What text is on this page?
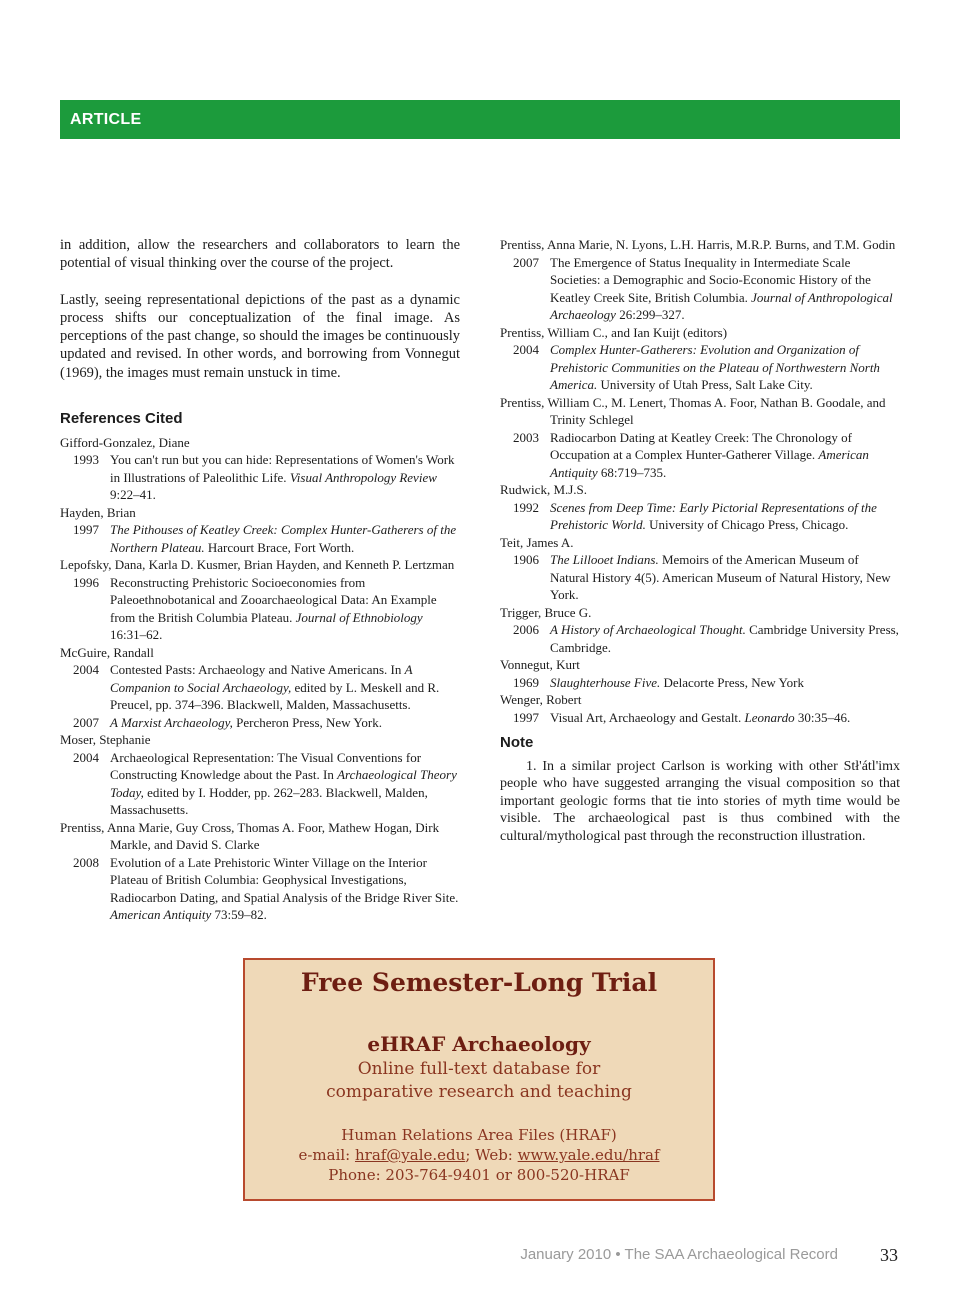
ARTICLE

in addition, allow the researchers and collaborators to learn the potential of visual thinking over the course of the project.

Lastly, seeing representational depictions of the past as a dynamic process shifts our conceptualization of the final image. As perceptions of the past change, so should the images be continuously updated and revised. In other words, and borrowing from Vonnegut (1969), the images must remain unstuck in time.

References Cited
Gifford-Gonzalez, Diane
1993 You can't run but you can hide: Representations of Women's Work in Illustrations of Paleolithic Life. Visual Anthropology Review 9:22–41.
Hayden, Brian
1997 The Pithouses of Keatley Creek: Complex Hunter-Gatherers of the Northern Plateau. Harcourt Brace, Fort Worth.
Lepofsky, Dana, Karla D. Kusmer, Brian Hayden, and Kenneth P. Lertzman
1996 Reconstructing Prehistoric Socioeconomies from Paleoethnobotanical and Zooarchaeological Data: An Example from the British Columbia Plateau. Journal of Ethnobiology 16:31–62.
McGuire, Randall
2004 Contested Pasts: Archaeology and Native Americans. In A Companion to Social Archaeology, edited by L. Meskell and R. Preucel, pp. 374–396. Blackwell, Malden, Massachusetts.
2007 A Marxist Archaeology, Percheron Press, New York.
Moser, Stephanie
2004 Archaeological Representation: The Visual Conventions for Constructing Knowledge about the Past. In Archaeological Theory Today, edited by I. Hodder, pp. 262–283. Blackwell, Malden, Massachusetts.
Prentiss, Anna Marie, Guy Cross, Thomas A. Foor, Mathew Hogan, Dirk Markle, and David S. Clarke
2008 Evolution of a Late Prehistoric Winter Village on the Interior Plateau of British Columbia: Geophysical Investigations, Radiocarbon Dating, and Spatial Analysis of the Bridge River Site. American Antiquity 73:59–82.
Prentiss, Anna Marie, N. Lyons, L.H. Harris, M.R.P. Burns, and T.M. Godin
2007 The Emergence of Status Inequality in Intermediate Scale Societies: a Demographic and Socio-Economic History of the Keatley Creek Site, British Columbia. Journal of Anthropological Archaeology 26:299–327.
Prentiss, William C., and Ian Kuijt (editors)
2004 Complex Hunter-Gatherers: Evolution and Organization of Prehistoric Communities on the Plateau of Northwestern North America. University of Utah Press, Salt Lake City.
Prentiss, William C., M. Lenert, Thomas A. Foor, Nathan B. Goodale, and Trinity Schlegel
2003 Radiocarbon Dating at Keatley Creek: The Chronology of Occupation at a Complex Hunter-Gatherer Village. American Antiquity 68:719–735.
Rudwick, M.J.S.
1992 Scenes from Deep Time: Early Pictorial Representations of the Prehistoric World. University of Chicago Press, Chicago.
Teit, James A.
1906 The Lillooet Indians. Memoirs of the American Museum of Natural History 4(5). American Museum of Natural History, New York.
Trigger, Bruce G.
2006 A History of Archaeological Thought. Cambridge University Press, Cambridge.
Vonnegut, Kurt
1969 Slaughterhouse Five. Delacorte Press, New York
Wenger, Robert
1997 Visual Art, Archaeology and Gestalt. Leonardo 30:35–46.
Note

1. In a similar project Carlson is working with other Stł'átl'imx people who have suggested arranging the visual composition so that important geologic forms that tie into stories of myth time would be visible. The archaeological past is thus combined with the cultural/mythological past through the reconstruction illustration.

Free Semester-Long Trial
eHRAF Archaeology
Online full-text database for
comparative research and teaching
Human Relations Area Files (HRAF)
e-mail: hraf@yale.edu; Web: www.yale.edu/hraf
Phone: 203-764-9401 or 800-520-HRAF
January 2010 • The SAA Archaeological Record 33
